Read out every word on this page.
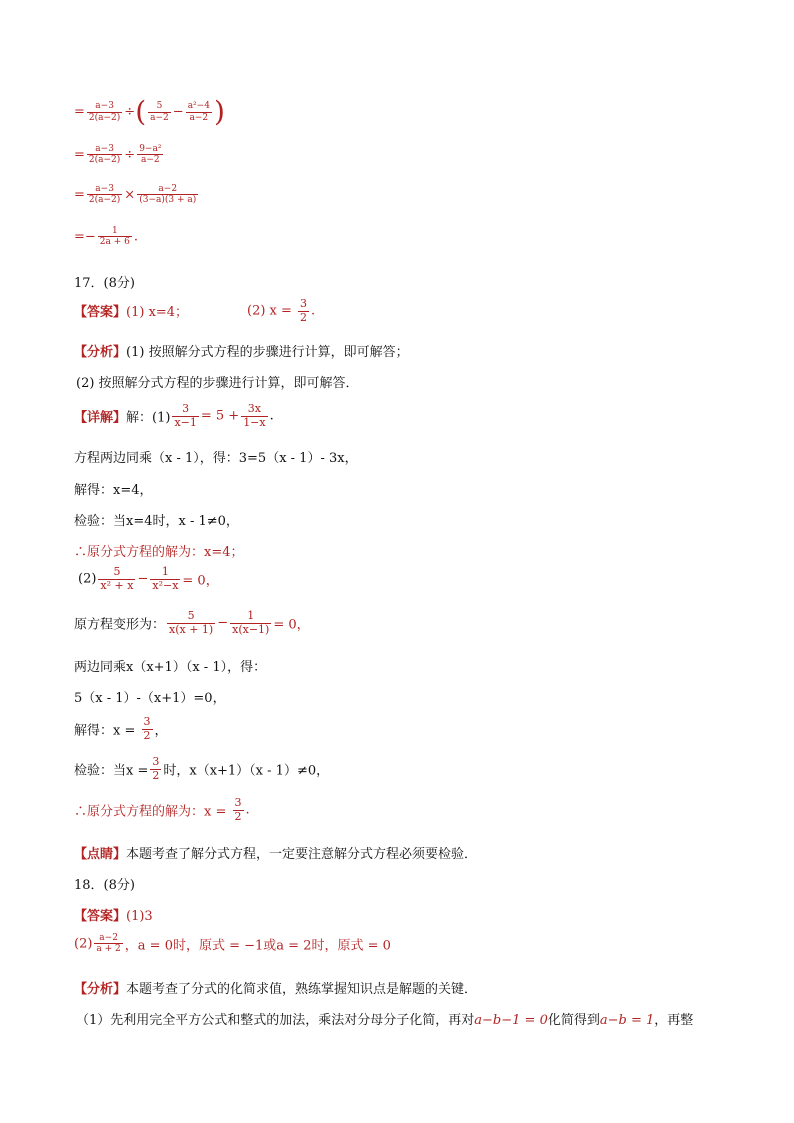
= $\frac{a-3}{2(a-2)}$ ÷( $\frac{5}{a-2} - \frac{\text{a²−4}}{a-2}$ )
= $\frac{a-3}{2(a-2)} \div \frac{\text{9−a²}}{a-2}$
= $\frac{a-3}{2(a-2)} \times \frac{a-2}{(3-a)(3 + a)}$
=− $\frac{1}{2a + 6}$ .
17．(8分)
【答案】(1) x=4；	(2) $x = \frac{3}{2}$ .
【分析】(1) 按照解分式方程的步骤进行计算，即可解答；
(2) 按照解分式方程的步骤进行计算，即可解答．
【详解】解：$(1) \frac{3}{x-1} = 5 + \frac{3x}{1-x}$ .
方程两边同乘（x - 1），得：3=5（x - 1）- 3x，
解得：x=4，
检验：当x=4时，x - 1≠0，
∴原分式方程的解为：x=4；
$(2) \frac{5}{\text{x² + x}} - \frac{1}{\text{x²−x}} = 0$，
原方程变形为： $\frac{5}{x(x + 1)} - \frac{1}{x(x-1)} = 0$，
两边同乘x（x+1）（x - 1），得：
5（x - 1）-（x+1）=0，
解得：$x = \frac{3}{2}$ ，
检验：当$x = \frac{3}{2}$ 时，x（x+1）（x - 1）≠0，
∴原分式方程的解为：$x = \frac{3}{2}$ .
【点睛】本题考查了解分式方程，一定要注意解分式方程必须要检验．
18．(8分)
【答案】(1)3
$(2) \frac{a-2}{a + 2}$ ，a = 0时，原式 = −1或a = 2时，原式 = 0
【分析】本题考查了分式的化简求值，熟练掌握知识点是解题的关键．
（1）先利用完全平方公式和整式的加法，乘法对分母分子化简，再对a−b−1 = 0化简得到a−b = 1，再整
